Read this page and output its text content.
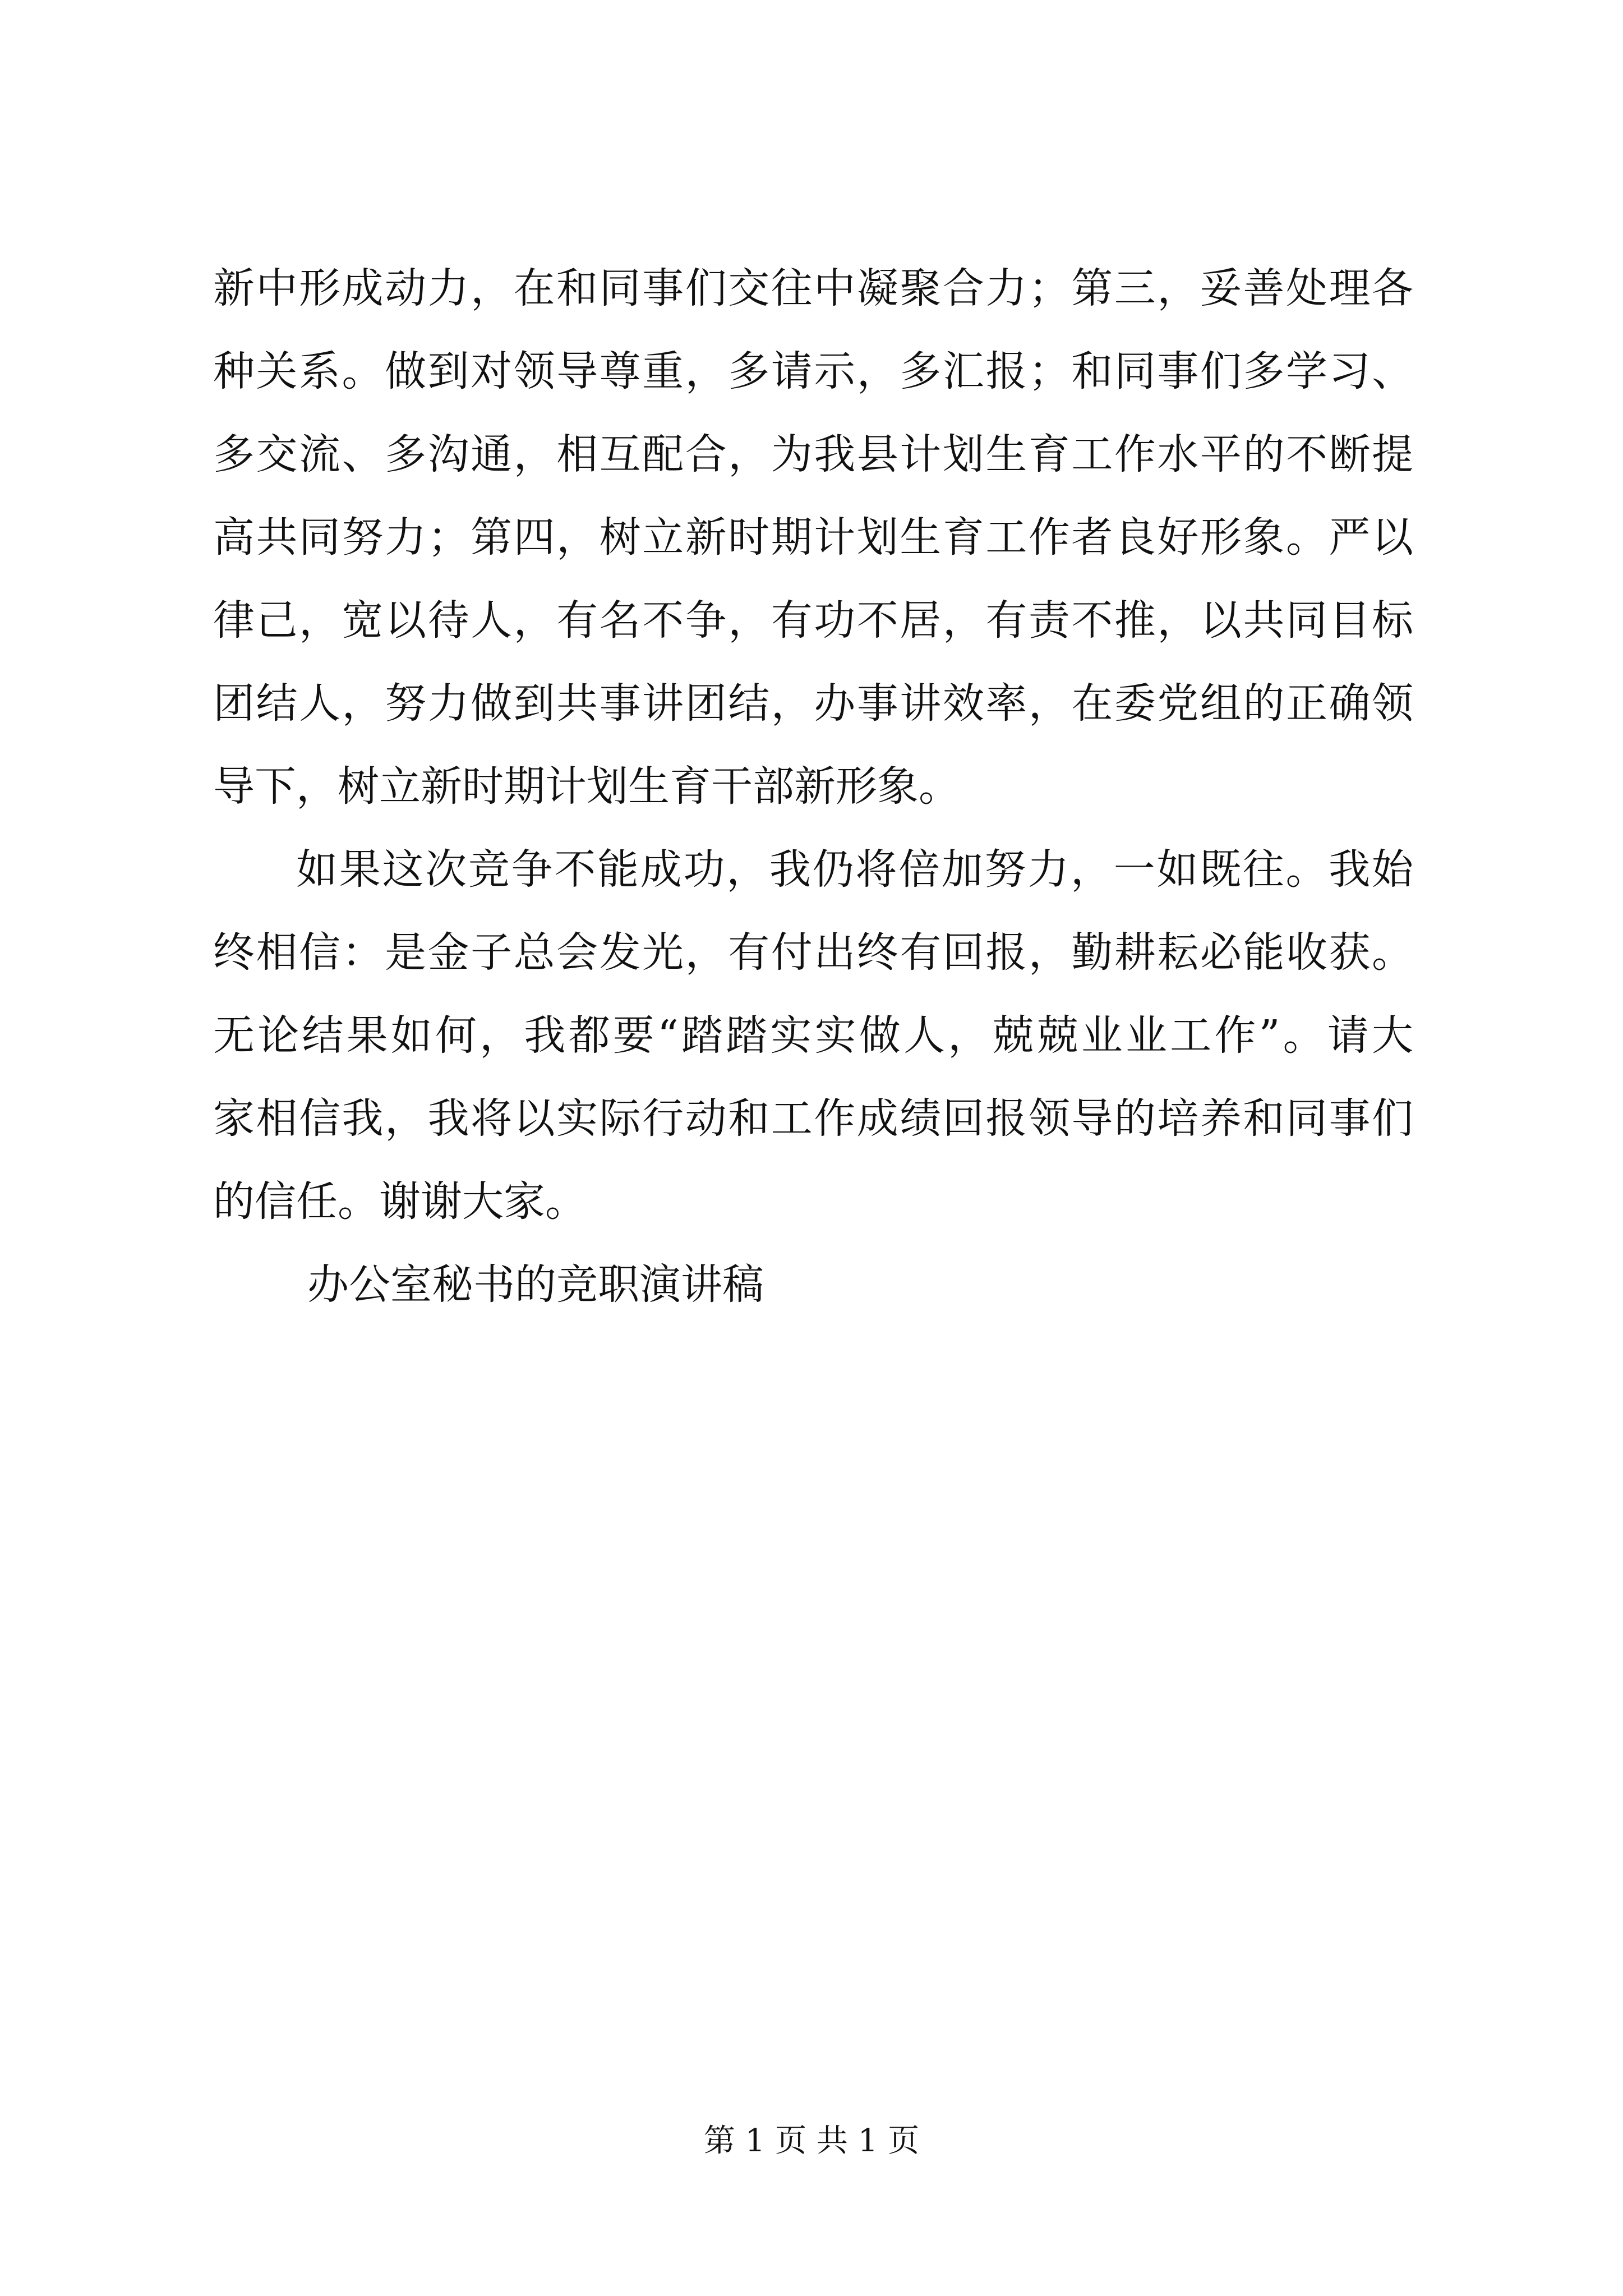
新中形成动力，在和同事们交往中凝聚合力；第三，妥善处理各
种关系。做到对领导尊重，多请示，多汇报；和同事们多学习、
多交流、多沟通，相互配合，为我县计划生育工作水平的不断提
高共同努力；第四，树立新时期计划生育工作者良好形象。严以
律己，宽以待人，有名不争，有功不居，有责不推，以共同目标
团结人，努力做到共事讲团结，办事讲效率，在委党组的正确领
导下，树立新时期计划生育干部新形象。
如果这次竞争不能成功，我仍将倍加努力，一如既往。我始
终相信：是金子总会发光，有付出终有回报，勤耕耘必能收获。
无论结果如何，我都要“踏踏实实做人，兢兢业业工作”。请大
家相信我，我将以实际行动和工作成绩回报领导的培养和同事们
的信任。谢谢大家。
办公室秘书的竞职演讲稿
第 1 页 共 1 页
